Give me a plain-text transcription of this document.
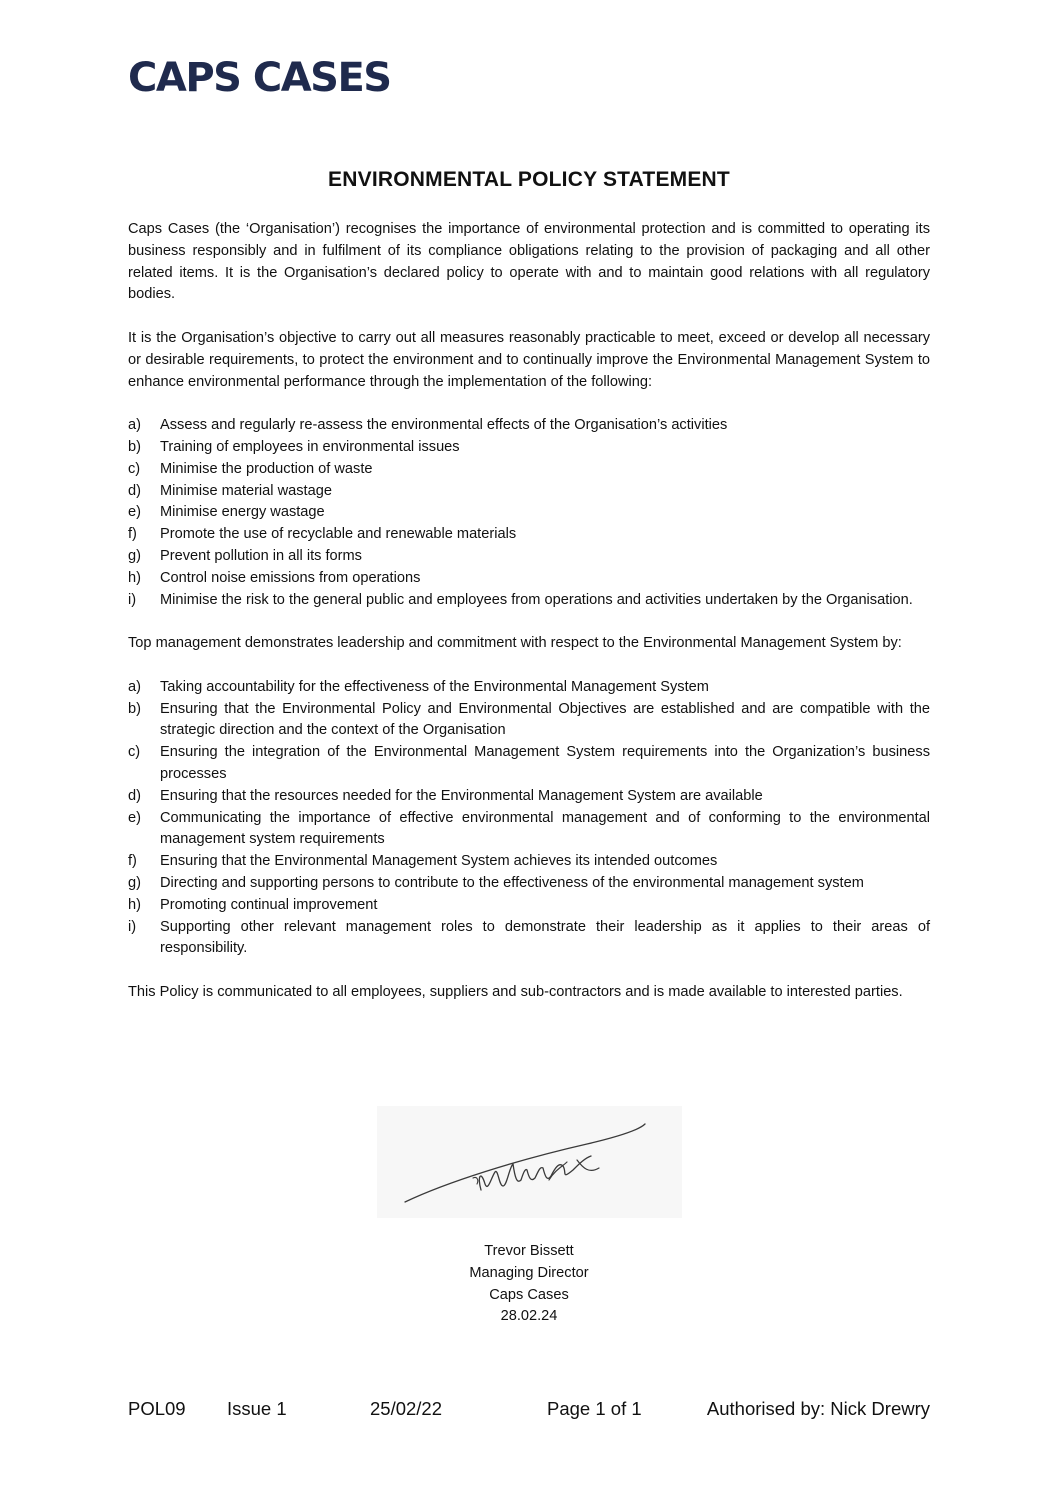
CAPS CASES
ENVIRONMENTAL POLICY STATEMENT

Caps Cases (the ‘Organisation’) recognises the importance of environmental protection and is committed to operating its business responsibly and in fulfilment of its compliance obligations relating to the provision of packaging and all other related items. It is the Organisation’s declared policy to operate with and to maintain good relations with all regulatory bodies.

It is the Organisation’s objective to carry out all measures reasonably practicable to meet, exceed or develop all necessary or desirable requirements, to protect the environment and to continually improve the Environmental Management System to enhance environmental performance through the implementation of the following:

a)	Assess and regularly re-assess the environmental effects of the Organisation’s activities
b)	Training of employees in environmental issues
c)	Minimise the production of waste
d)	Minimise material wastage
e)	Minimise energy wastage
f)	Promote the use of recyclable and renewable materials
g)	Prevent pollution in all its forms
h)	Control noise emissions from operations
i)	Minimise the risk to the general public and employees from operations and activities undertaken by the Organisation.

Top management demonstrates leadership and commitment with respect to the Environmental Management System by:

a)	Taking accountability for the effectiveness of the Environmental Management System
b)	Ensuring that the Environmental Policy and Environmental Objectives are established and are compatible with the strategic direction and the context of the Organisation
c)	Ensuring the integration of the Environmental Management System requirements into the Organization’s business processes
d)	Ensuring that the resources needed for the Environmental Management System are available
e)	Communicating the importance of effective environmental management and of conforming to the environmental management system requirements
f)	Ensuring that the Environmental Management System achieves its intended outcomes
g)	Directing and supporting persons to contribute to the effectiveness of the environmental management system
h)	Promoting continual improvement
i)	Supporting other relevant management roles to demonstrate their leadership as it applies to their areas of responsibility.

This Policy is communicated to all employees, suppliers and sub-contractors and is made available to interested parties.

Trevor Bissett
Managing Director
Caps Cases
28.02.24
POL09 Issue 1	25/02/22	Page 1 of 1	Authorised by: Nick Drewry
